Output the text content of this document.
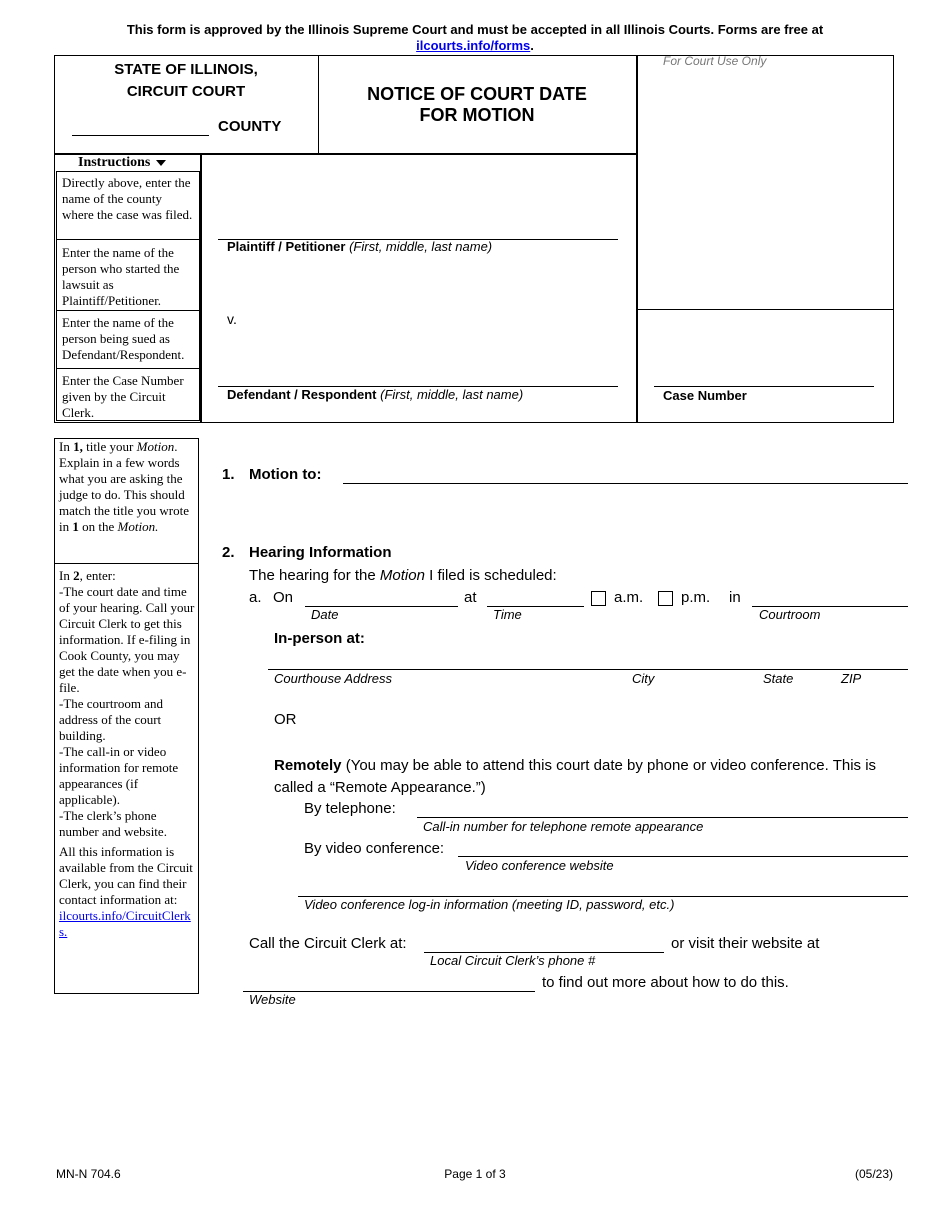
This form is approved by the Illinois Supreme Court and must be accepted in all Illinois Courts. Forms are free at
ilcourts.info/forms.
STATE OF ILLINOIS,
CIRCUIT COURT
COUNTY
NOTICE OF COURT DATE
FOR MOTION
For Court Use Only
Instructions
Directly above, enter the name of the county where the case was filed.
Enter the name of the person who started the lawsuit as Plaintiff/Petitioner.
Enter the name of the person being sued as Defendant/Respondent.
Enter the Case Number given by the Circuit Clerk.
Plaintiff / Petitioner (First, middle, last name)
v.
Defendant / Respondent (First, middle, last name)	Case Number
In 1, title your Motion. Explain in a few words what you are asking the judge to do. This should match the title you wrote in 1 on the Motion.
In 2, enter:
-The court date and time of your hearing. Call your Circuit Clerk to get this information. If e-filing in Cook County, you may get the date when you e-file.
-The courtroom and address of the court building.
-The call-in or video information for remote appearances (if applicable).
-The clerk’s phone number and website.
All this information is available from the Circuit Clerk, you can find their contact information at:
ilcourts.info/CircuitClerks.
1. Motion to:
2. Hearing Information
The hearing for the Motion I filed is scheduled:
a. On
Date
at
Time
a.m.	p.m. in
Courtroom
In-person at:
Courthouse Address	City	State	ZIP
OR
Remotely (You may be able to attend this court date by phone or video conference. This is called a “Remote Appearance.”)
By telephone:
Call-in number for telephone remote appearance
By video conference:
Video conference website
Video conference log-in information (meeting ID, password, etc.)
Call the Circuit Clerk at:
Local Circuit Clerk’s phone #
or visit their website at
to find out more about how to do this.
Website
MN-N 704.6	Page 1 of 3	(05/23)
